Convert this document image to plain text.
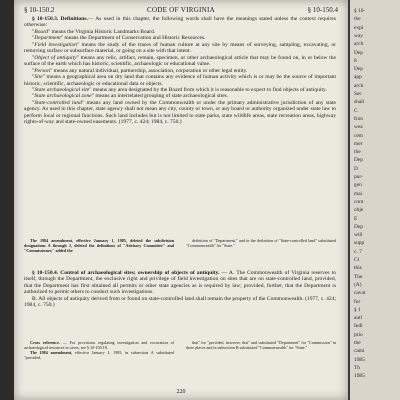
§ 10-150.2	CODE OF VIRGINIA	§ 10-150.4

§ 10-150.3. Definitions.— As used in this chapter, the following words shall have the meanings stated unless the context requires otherwise:

"Board" means the Virginia Historic Landmarks Board.

"Department" means the Department of Conservation and Historic Resources.

"Field investigation" means the study of the traces of human culture at any site by means of surveying, sampling, excavating, or removing surface or subsurface material, or going on a site with that intent.

"Object of antiquity" means any relic, artifact, remain, specimen, or other archaeological article that may be found on, in or below the surface of the earth which has historic, scientific, archaeologic or educational value.

"Person" means any natural individual, partnership, association, corporation or other legal entity.

"Site" means a geographical area on dry land that contains any evidence of human activity which is or may be the source of important historic, scientific, archaeologic or educational data or objects.

"State archaeological site" means any area designated by the Board from which it is reasonable to expect to find objects of antiquity.

"State archaeological zone" means an interrelated grouping of state archaeological sites.

"State-controlled land" means any land owned by the Commonwealth or under the primary administrative jurisdiction of any state agency. As used in this chapter, state agency shall not mean any city, county or town, or any board or authority organized under state law to perform local or regional functions. Such land includes but is not limited to state parks, state wildlife areas, state recreation areas, highway rights-of-way and state-owned easements. (1977, c. 424; 1984, c. 750.)

The 1984 amendment, effective January 1, 1985, deleted the subdivision designations A through J, deleted the definitions of "Advisory Committee" and "Commissioner," added the

definition of "Department," and in the definition of "State-controlled land" substituted "Commonwealth" for "State."

§ 10-150.4. Control of archaeological sites; ownership of objects of antiquity. — A. The Commonwealth of Virginia reserves to itself, through the Department, the exclusive right and privilege of field investigation on sites that are on state-controlled land, provided, that the Department has first obtained all permits or other state agencies as is required by law; provided, further, that the Department is authorized to permit others to conduct such investigations.

B. All objects of antiquity derived from or found on state-controlled land shall remain the property of the Commonwealth. (1977, c. 424; 1984, c. 750.)

Cross reference. — For provisions regulating investigation and excavation of archaeological resources in caves, see § 10-150.18.

The 1984 amendment, effective January 1, 1985, in subsection A substituted "provided,

that" for "provided, however, that" and substituted "Department" for "Commission" in three places and in subsection B substituted "Commonwealth" for "State."

220
§ 10-
the
expi
way
arch
Dep
8
Dep
app
arch
Sec
shall
C
fron
wea
cem
mer
the
Dep
D
pur-
gen
mai
cont
obje
E
Dep
will
supp
c. 7
Ct
this
The
(A)
cavat
for
§ 1
autl
Indi
prio
the
cami
1985
Th
1985
